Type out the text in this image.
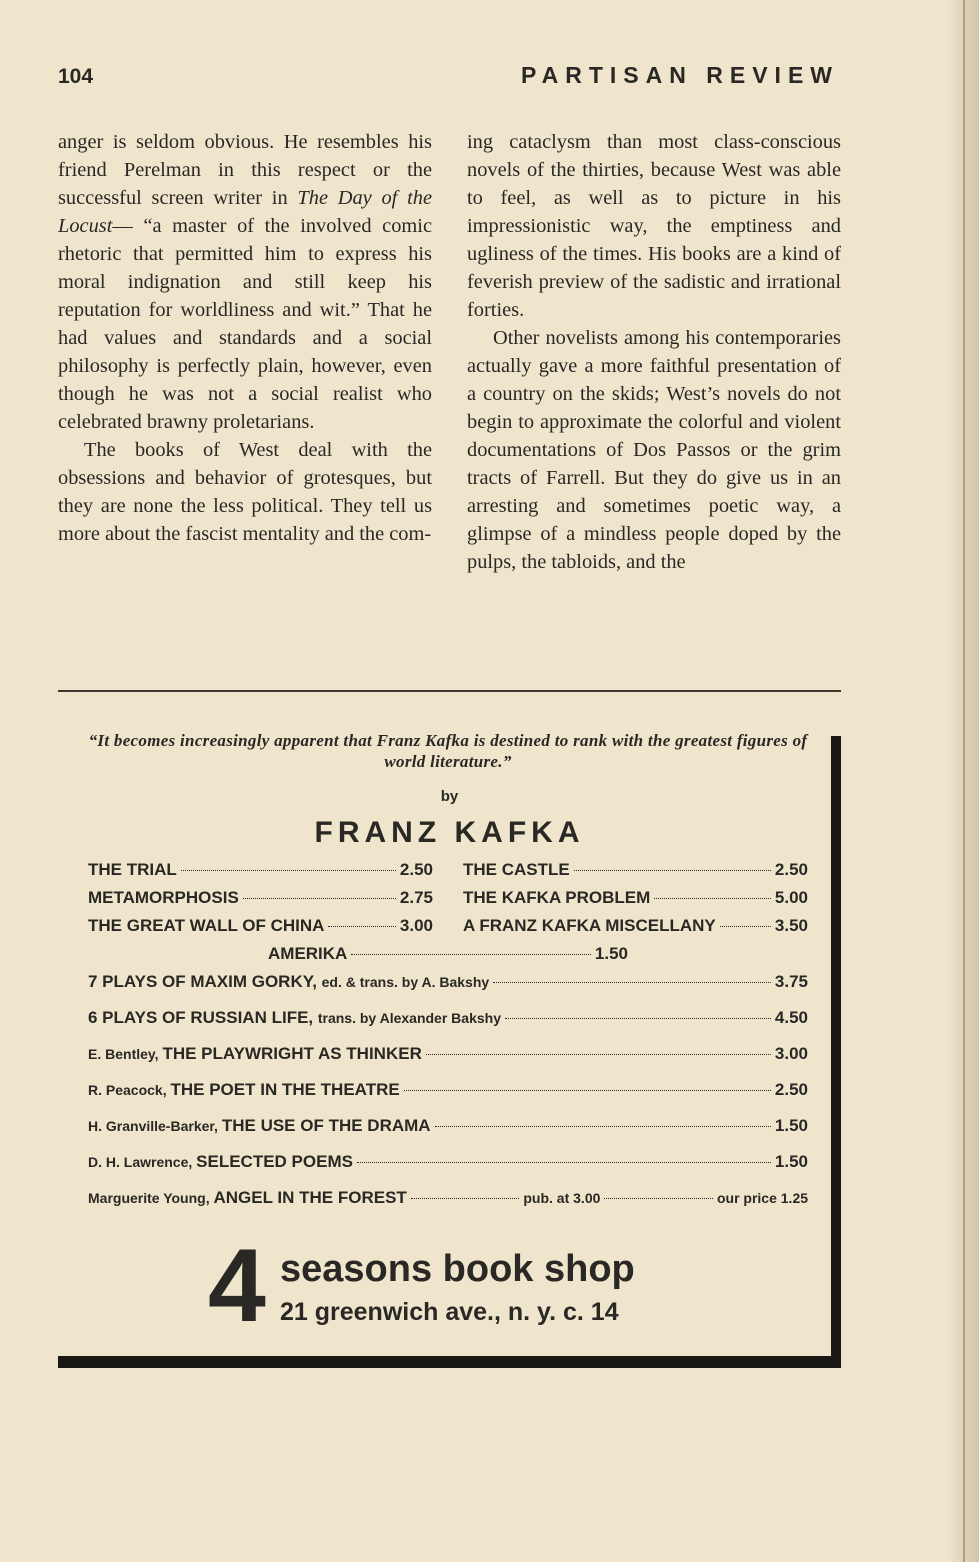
104	PARTISAN REVIEW

anger is seldom obvious. He resembles his friend Perelman in this respect or the successful screen writer in The Day of the Locust— “a master of the involved comic rhetoric that permitted him to express his moral indignation and still keep his reputation for worldliness and wit.” That he had values and standards and a social philosophy is perfectly plain, however, even though he was not a social realist who celebrated brawny proletarians.

The books of West deal with the obsessions and behavior of grotesques, but they are none the less political. They tell us more about the fascist mentality and the com-

ing cataclysm than most class-conscious novels of the thirties, because West was able to feel, as well as to picture in his impressionistic way, the emptiness and ugliness of the times. His books are a kind of feverish preview of the sadistic and irrational forties.

Other novelists among his contemporaries actually gave a more faithful presentation of a country on the skids; West’s novels do not begin to approximate the colorful and violent documentations of Dos Passos or the grim tracts of Farrell. But they do give us in an arresting and sometimes poetic way, a glimpse of a mindless people doped by the pulps, the tabloids, and the

“It becomes increasingly apparent that Franz Kafka is destined to rank with the greatest figures of world literature.”
by
FRANZ KAFKA
THE TRIAL	2.50 THE CASTLE	2.50
METAMORPHOSIS	2.75 THE KAFKA PROBLEM	5.00
THE GREAT WALL OF CHINA	3.00 A FRANZ KAFKA MISCELLANY	3.50
AMERIKA	1.50
7 PLAYS OF MAXIM GORKY, ed. & trans. by A. Bakshy	3.75
6 PLAYS OF RUSSIAN LIFE, trans. by Alexander Bakshy	4.50
E. Bentley, THE PLAYWRIGHT AS THINKER	3.00
R. Peacock, THE POET IN THE THEATRE	2.50
H. Granville-Barker, THE USE OF THE DRAMA	1.50
D. H. Lawrence, SELECTED POEMS	1.50
Marguerite Young, ANGEL IN THE FOREST	pub. at 3.00	our price 1.25
4 seasons book shop
21 greenwich ave., n. y. c. 14
